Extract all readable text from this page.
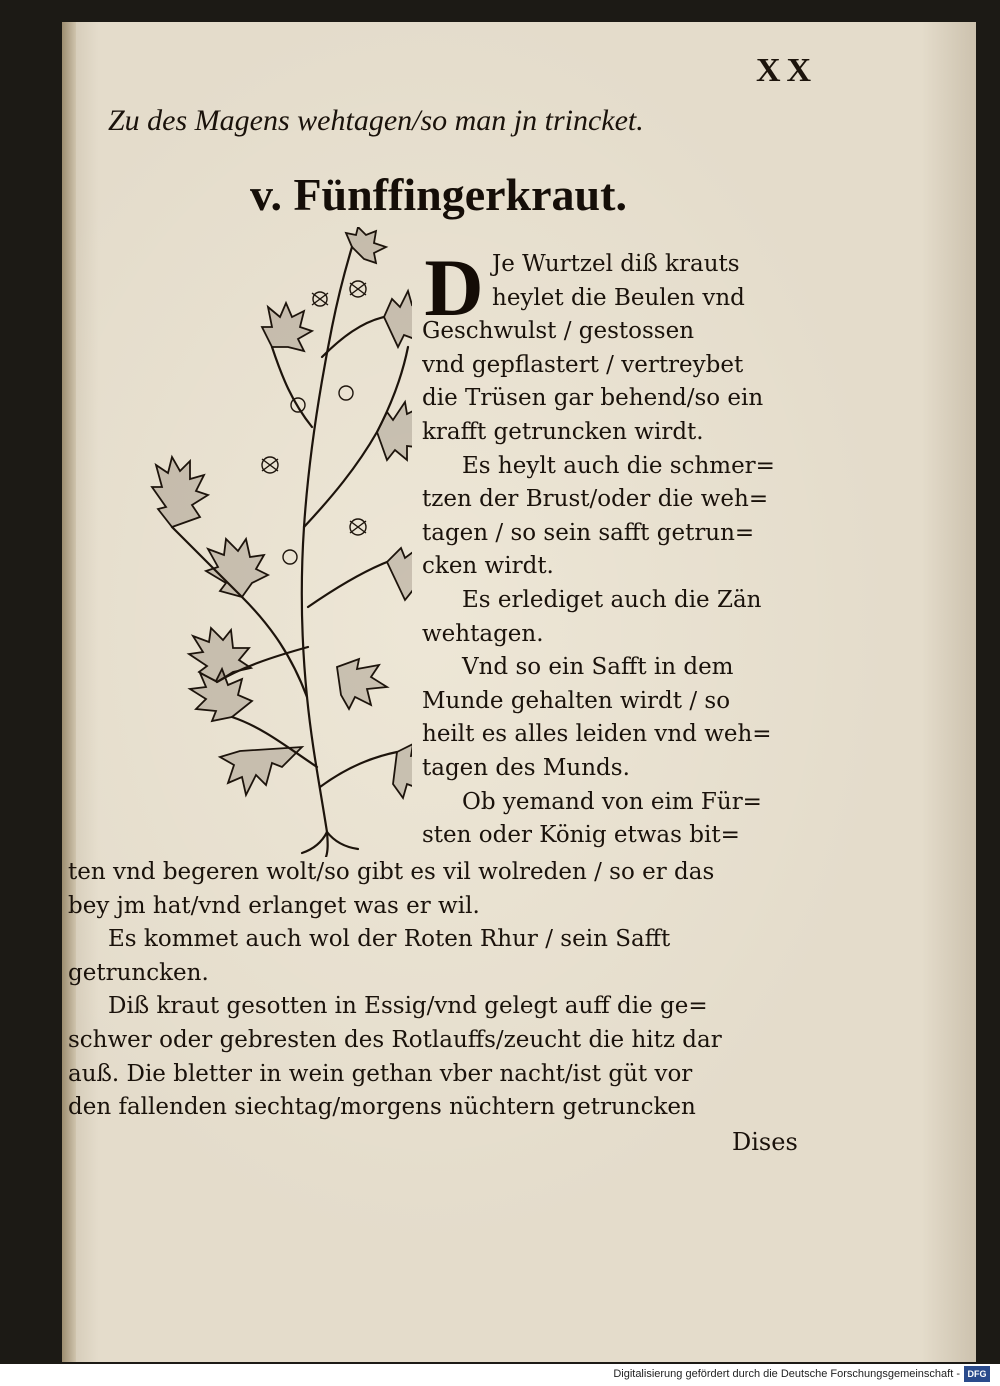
XX
Zu des Magens wehtagen/so man jn trincket.
v. Fünffingerkraut.
D Je Wurtzel diß krauts
heylet die Beulen vnd
Geschwulst / gestossen
vnd gepflastert / vertreybet
die Trüsen gar behend/so ein
krafft getruncken wirdt.
Es heylt auch die schmer=
tzen der Brust/oder die weh=
tagen / so sein safft getrun=
cken wirdt.
Es erlediget auch die Zän
wehtagen.
Vnd so ein Safft in dem
Munde gehalten wirdt / so
heilt es alles leiden vnd weh=
tagen des Munds.
Ob yemand von eim Für=
sten oder König etwas bit=
ten vnd begeren wolt/so gibt es vil wolreden / so er das
bey jm hat/vnd erlanget was er wil.
Es kommet auch wol der Roten Rhur / sein Safft
getruncken.
Diß kraut gesotten in Essig/vnd gelegt auff die ge=
schwer oder gebresten des Rotlauffs/zeucht die hitz dar
auß. Die bletter in wein gethan vber nacht/ist güt vor
den fallenden siechtag/morgens nüchtern getruncken
Dises
Digitalisierung gefördert durch die Deutsche Forschungsgemeinschaft - DFG
